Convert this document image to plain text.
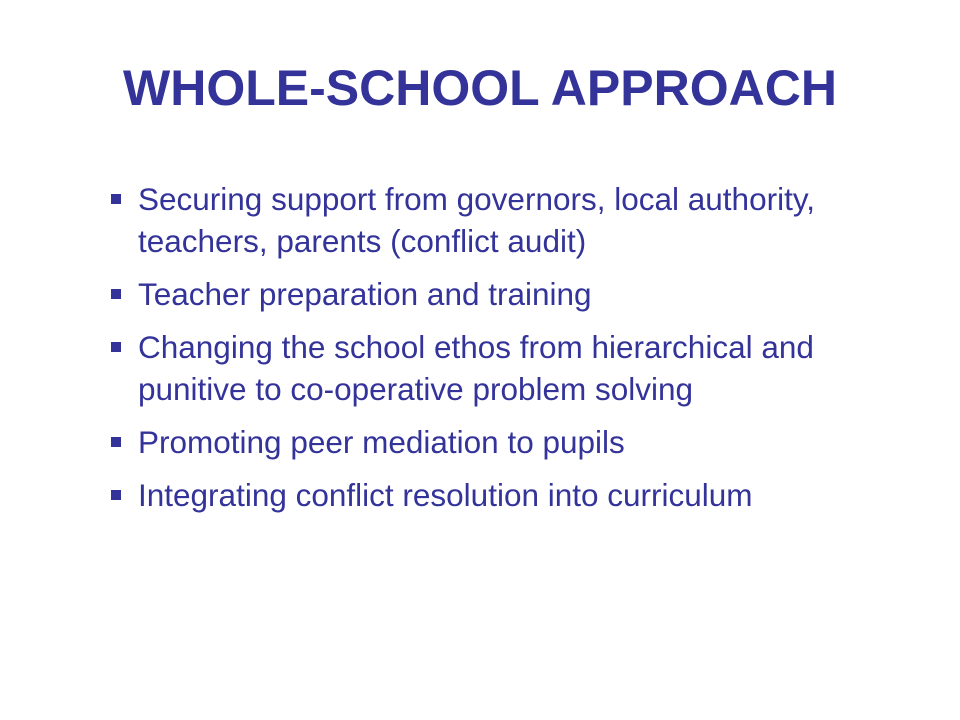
WHOLE-SCHOOL APPROACH
Securing support from governors, local authority, teachers, parents (conflict audit)
Teacher preparation and training
Changing the school ethos from hierarchical and punitive to co-operative problem solving
Promoting peer mediation to pupils
Integrating conflict resolution into curriculum
